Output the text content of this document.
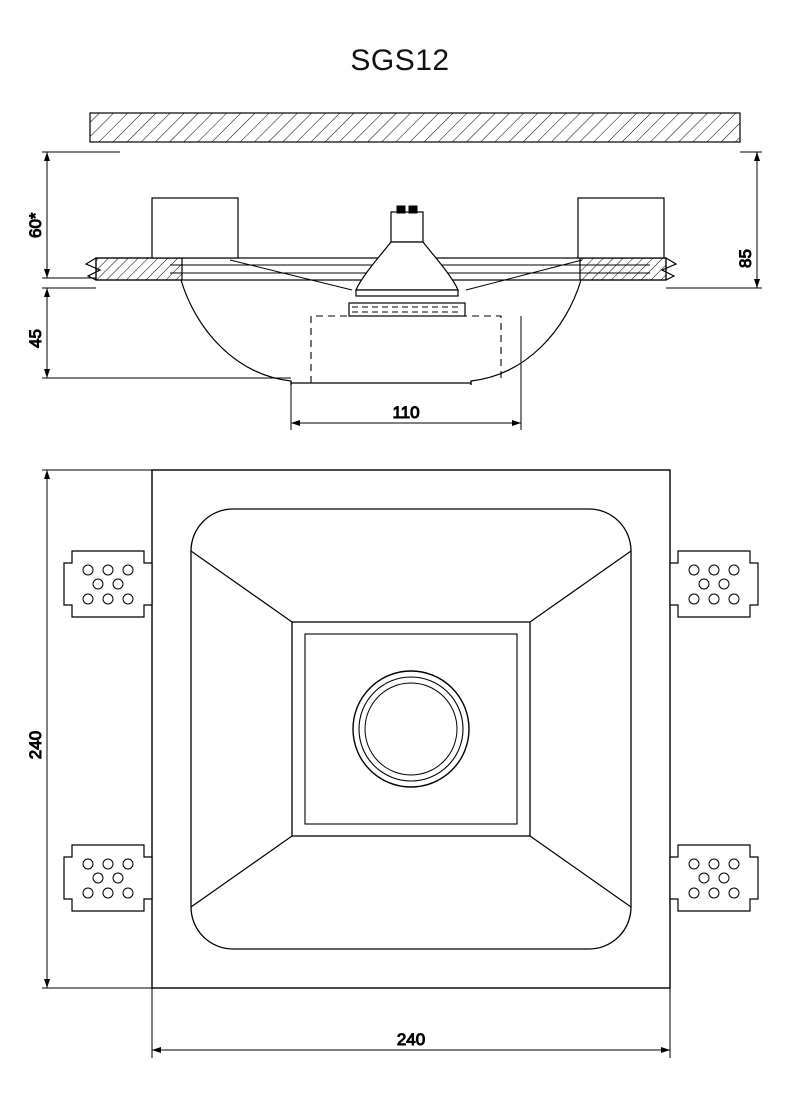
SGS12
60*
45
85
110
240
240
